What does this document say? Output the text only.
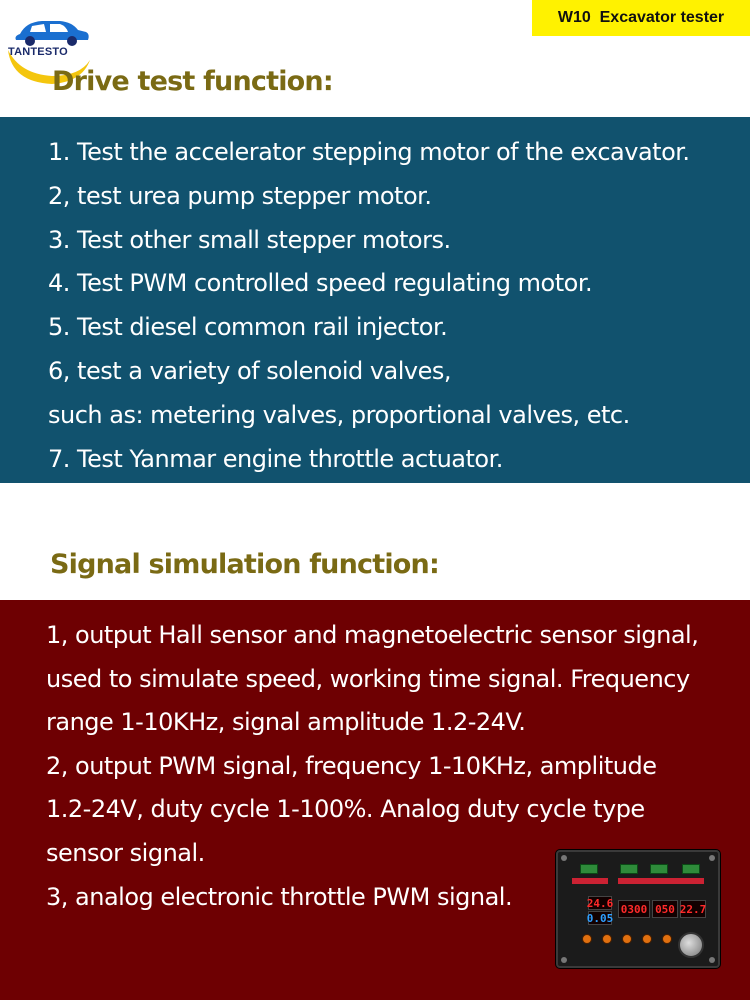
TANTESTO
W10  Excavator tester
Drive test function:
1. Test the accelerator stepping motor of the excavator.
2, test urea pump stepper motor.
3. Test other small stepper motors.
4. Test PWM controlled speed regulating motor.
5. Test diesel common rail injector.
6, test a variety of solenoid valves,
such as: metering valves, proportional valves, etc.
7. Test Yanmar engine throttle actuator.
Signal simulation function:
1, output Hall sensor and magnetoelectric sensor signal,
used to simulate speed, working time signal. Frequency
range 1-10KHz, signal amplitude 1.2-24V.
2, output PWM signal, frequency 1-10KHz, amplitude
1.2-24V, duty cycle 1-100%. Analog duty cycle type
sensor signal.
3, analog electronic throttle PWM signal.	24.6
0.05
0300 050 22.7
